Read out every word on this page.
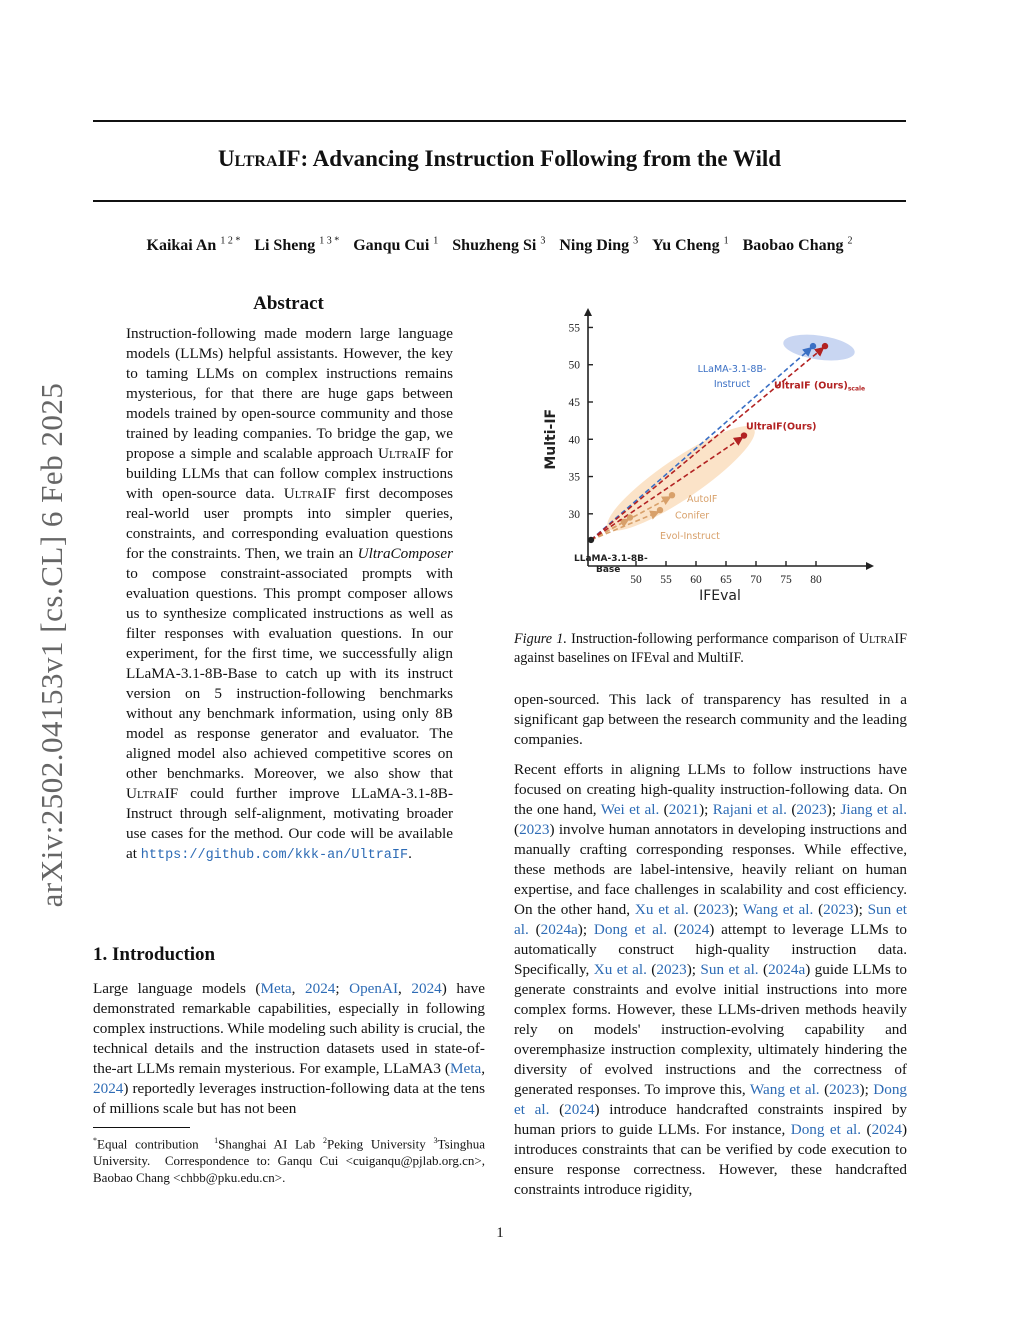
UltraIF: Advancing Instruction Following from the Wild
Kaikai An $^{1 2 *}$ Li Sheng $^{1 3 *}$ Ganqu Cui $^1$ Shuzheng Si $^3$ Ning Ding $^3$ Yu Cheng $^1$ Baobao Chang $^2$
arXiv:2502.04153v1 [cs.CL] 6 Feb 2025
Abstract
Instruction-following made modern large language models (LLMs) helpful assistants. However, the key to taming LLMs on complex instructions remains mysterious, for that there are huge gaps between models trained by open-source community and those trained by leading companies. To bridge the gap, we propose a simple and scalable approach UltraIF for building LLMs that can follow complex instructions with open-source data. UltraIF first decomposes real-world user prompts into simpler queries, constraints, and corresponding evaluation questions for the constraints. Then, we train an UltraComposer to compose constraint-associated prompts with evaluation questions. This prompt composer allows us to synthesize complicated instructions as well as filter responses with evaluation questions. In our experiment, for the first time, we successfully align LLaMA-3.1-8B-Base to catch up with its instruct version on 5 instruction-following benchmarks without any benchmark information, using only 8B model as response generator and evaluator. The aligned model also achieved competitive scores on other benchmarks. Moreover, we also show that UltraIF could further improve LLaMA-3.1-8B-Instruct through self-alignment, motivating broader use cases for the method. Our code will be available at https://github.com/kkk-an/UltraIF.
1. Introduction
Large language models (Meta, 2024; OpenAI, 2024) have demonstrated remarkable capabilities, especially in following complex instructions. While modeling such ability is crucial, the technical details and the instruction datasets used in state-of-the-art LLMs remain mysterious. For example, LLaMA3 (Meta, 2024) reportedly leverages instruction-following data at the tens of millions scale but has not been
*Equal contribution $^1$Shanghai AI Lab $^2$Peking University $^3$Tsinghua University. Correspondence to: Ganqu Cui <cuiganqu@pjlab.org.cn>, Baobao Chang <chbb@pku.edu.cn>.
30
35
40
45
50
55
50 55 60 65 70 75 80
IFEval
Multi-IF
LLaMA-3.1-8B-
Base
LLaMA-3.1-8B-
Instruct	UltraIF $(Ours)_{scale}$
UltraIF(Ours)
AutoIF
Conifer
Evol-Instruct
Figure 1. Instruction-following performance comparison of UltraIF against baselines on IFEval and MultiIF.

open-sourced. This lack of transparency has resulted in a significant gap between the research community and the leading companies.

Recent efforts in aligning LLMs to follow instructions have focused on creating high-quality instruction-following data. On the one hand, Wei et al. (2021); Rajani et al. (2023); Jiang et al. (2023) involve human annotators in developing instructions and manually crafting corresponding responses. While effective, these methods are label-intensive, heavily reliant on human expertise, and face challenges in scalability and cost efficiency. On the other hand, Xu et al. (2023); Wang et al. (2023); Sun et al. (2024a); Dong et al. (2024) attempt to leverage LLMs to automatically construct high-quality instruction data. Specifically, Xu et al. (2023); Sun et al. (2024a) guide LLMs to generate constraints and evolve initial instructions into more complex forms. However, these LLMs-driven methods heavily rely on models' instruction-evolving capability and overemphasize instruction complexity, ultimately hindering the diversity of evolved instructions and the correctness of generated responses. To improve this, Wang et al. (2023); Dong et al. (2024) introduce handcrafted constraints inspired by human priors to guide LLMs. For instance, Dong et al. (2024) introduces constraints that can be verified by code execution to ensure response correctness. However, these handcrafted constraints introduce rigidity,

1
